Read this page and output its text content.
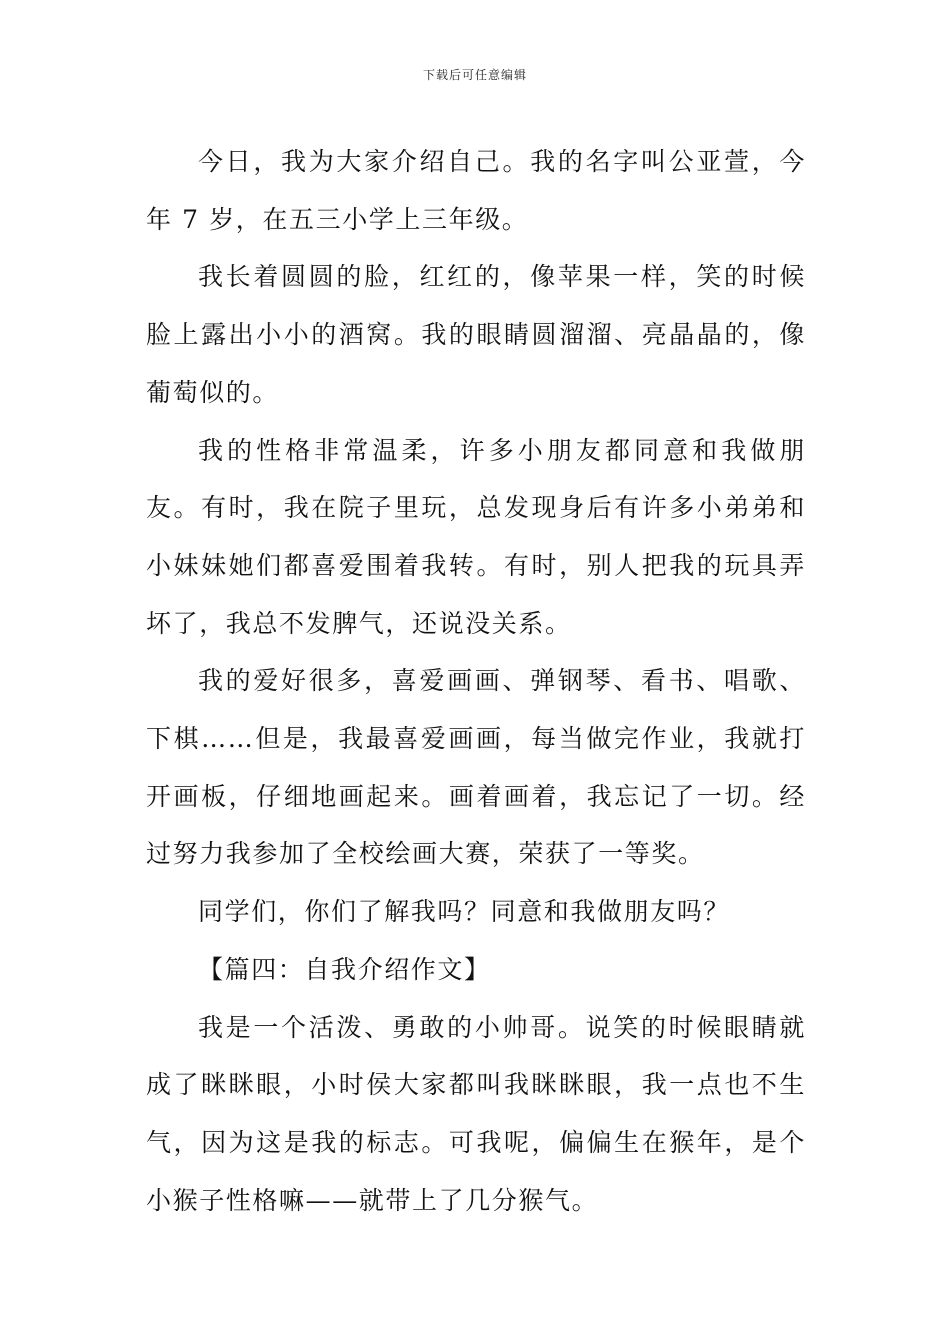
下载后可任意编辑

今日，我为大家介绍自己。我的名字叫公亚萱，今年 7 岁，在五三小学上三年级。

我长着圆圆的脸，红红的，像苹果一样，笑的时候脸上露出小小的酒窝。我的眼睛圆溜溜、亮晶晶的，像葡萄似的。

我的性格非常温柔，许多小朋友都同意和我做朋友。有时，我在院子里玩，总发现身后有许多小弟弟和小妹妹她们都喜爱围着我转。有时，别人把我的玩具弄坏了，我总不发脾气，还说没关系。

我的爱好很多，喜爱画画、弹钢琴、看书、唱歌、下棋……但是，我最喜爱画画，每当做完作业，我就打开画板，仔细地画起来。画着画着，我忘记了一切。经过努力我参加了全校绘画大赛，荣获了一等奖。

同学们，你们了解我吗？同意和我做朋友吗？

【篇四：自我介绍作文】

我是一个活泼、勇敢的小帅哥。说笑的时候眼睛就成了眯眯眼，小时侯大家都叫我眯眯眼，我一点也不生气，因为这是我的标志。可我呢，偏偏生在猴年，是个小猴子性格嘛——就带上了几分猴气。
